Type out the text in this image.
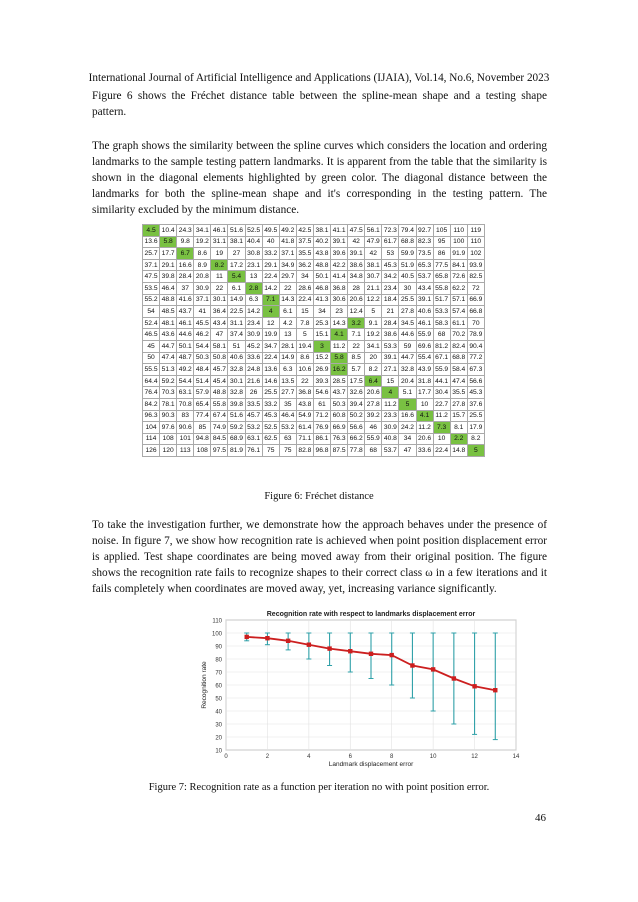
International Journal of Artificial Intelligence and Applications (IJAIA), Vol.14, No.6, November 2023
Figure 6 shows the Fréchet distance table between the spline-mean shape and a testing shape pattern.
The graph shows the similarity between the spline curves which considers the location and ordering landmarks to the sample testing pattern landmarks. It is apparent from the table that the similarity is shown in the diagonal elements highlighted by green color. The diagonal distance between the landmarks for both the spline-mean shape and it's corresponding in the testing pattern. The similarity excluded by the minimum distance.
4.5	10.4	24.3	34.1	46.1	51.6	52.5	49.5	49.2	42.5	38.1	41.1	47.5	56.1	72.3	79.4	92.7	105	110	119
13.6	5.8	9.8	19.2	31.1	38.1	40.4	40	41.8	37.5	40.2	39.1	42	47.9	61.7	68.8	82.3	95	100	110
25.7	17.7	6.7	8.6	19	27	30.8	33.2	37.1	35.5	43.8	39.6	39.1	42	53	59.9	73.5	86	91.9	102
37.1	29.1	16.6	8.9	8.2	17.2	23.1	29.1	34.9	36.2	48.8	42.2	38.6	38.1	45.3	51.9	65.3	77.5	84.1	93.9
47.5	39.8	28.4	20.8	11	5.4	13	22.4	29.7	34	50.1	41.4	34.8	30.7	34.2	40.5	53.7	65.8	72.6	82.5
53.5	46.4	37	30.9	22	6.1	2.8	14.2	22	28.6	46.8	36.8	28	21.1	23.4	30	43.4	55.8	62.2	72
55.2	48.8	41.6	37.1	30.1	14.9	6.3	7.1	14.3	22.4	41.3	30.6	20.6	12.2	18.4	25.5	39.1	51.7	57.1	66.9
54	48.5	43.7	41	36.4	22.5	14.2	4	6.1	15	34	23	12.4	5	21	27.8	40.6	53.3	57.4	66.8
52.4	48.1	46.1	45.5	43.4	31.1	23.4	12	4.2	7.8	25.3	14.3	3.2	9.1	28.4	34.5	46.1	58.3	61.1	70
46.5	43.6	44.6	46.2	47	37.4	30.9	19.9	13	5	15.1	4.1	7.1	19.2	38.6	44.6	55.9	68	70.2	78.9
45	44.7	50.1	54.4	58.1	51	45.2	34.7	28.1	19.4	3	11.2	22	34.1	53.3	59	69.6	81.2	82.4	90.4
50	47.4	48.7	50.3	50.8	40.6	33.6	22.4	14.9	8.6	15.2	5.8	8.5	20	39.1	44.7	55.4	67.1	68.8	77.2
55.5	51.3	49.2	48.4	45.7	32.8	24.8	13.6	6.3	10.6	26.9	16.2	5.7	8.2	27.1	32.8	43.9	55.9	58.4	67.3
64.4	59.2	54.4	51.4	45.4	30.1	21.6	14.6	13.5	22	39.3	28.5	17.5	6.4	15	20.4	31.8	44.1	47.4	56.6
76.4	70.3	63.1	57.9	48.8	32.8	26	25.5	27.7	36.8	54.6	43.7	32.6	20.6	4	5.1	17.7	30.4	35.5	45.3
84.2	78.1	70.8	65.4	55.8	39.8	33.5	33.2	35	43.8	61	50.3	39.4	27.8	11.2	5	10	22.7	27.8	37.6
96.3	90.3	83	77.4	67.4	51.6	45.7	45.3	46.4	54.9	71.2	60.8	50.2	39.2	23.3	16.6	4.1	11.2	15.7	25.5
104	97.6	90.6	85	74.9	59.2	53.2	52.5	53.2	61.4	76.9	66.9	56.6	46	30.9	24.2	11.2	7.3	8.1	17.9
114	108	101	94.8	84.5	68.9	63.1	62.5	63	71.1	86.1	76.3	66.2	55.9	40.8	34	20.6	10	2.2	8.2
126	120	113	108	97.5	81.9	76.1	75	75	82.8	96.8	87.5	77.8	68	53.7	47	33.6	22.4	14.8	5
Figure 6: Fréchet distance
To take the investigation further, we demonstrate how the approach behaves under the presence of noise. In figure 7, we show how recognition rate is achieved when point position displacement error is applied. Test shape coordinates are being moved away from their original position. The figure shows the recognition rate fails to recognize shapes to their correct class ω in a few iterations and it fails completely when coordinates are moved away, yet, increasing variance significantly.
10
20
30
40
50
60
70
80
90
100
110
0	2	4	6	8	10	12	14
Recognition rate with respect to landmarks displacement error
Landmark displacement error
Recognition rate
Figure 7: Recognition rate as a function per iteration no with point position error.
46
